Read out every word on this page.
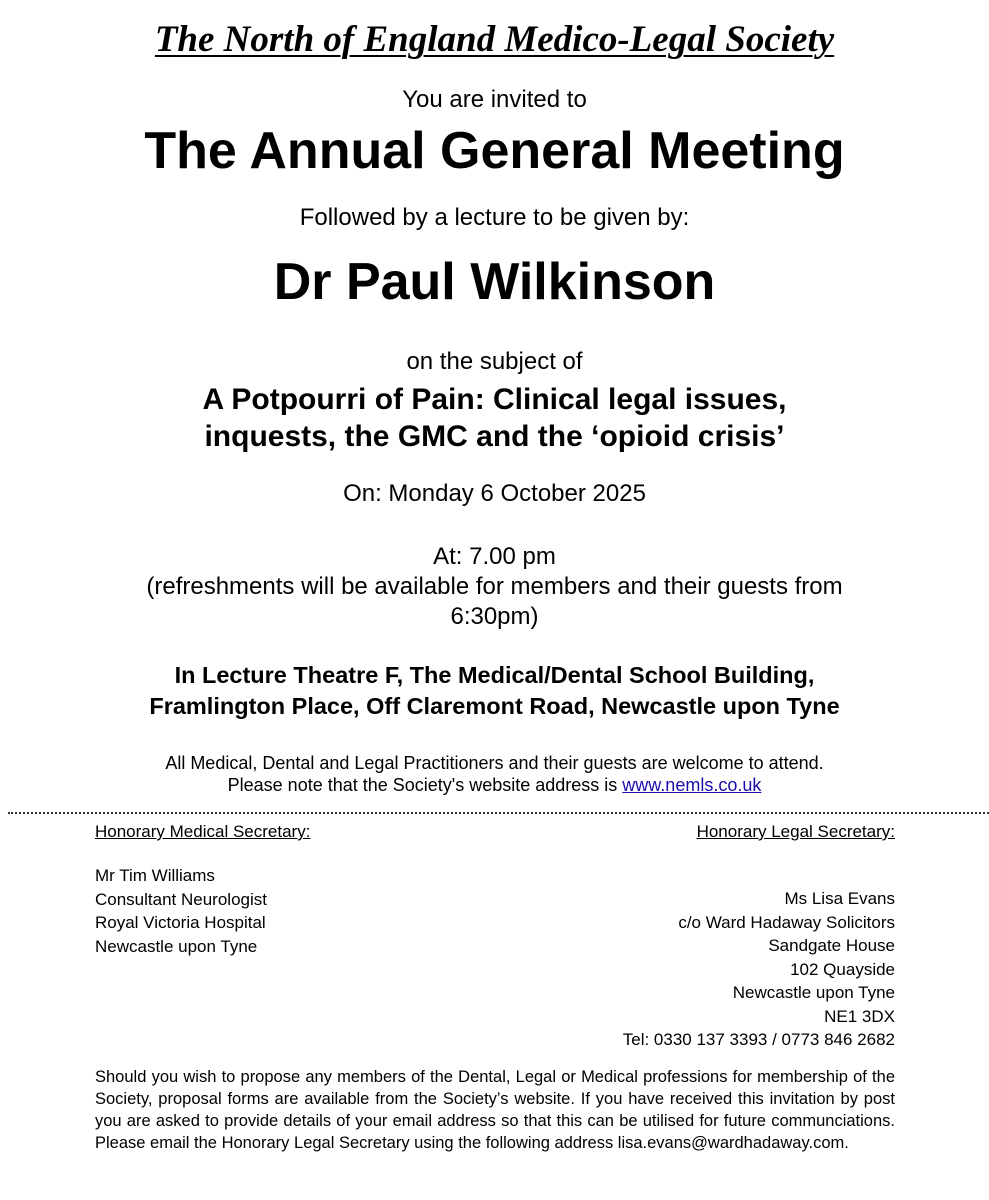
The North of England Medico-Legal Society
You are invited to
The Annual General Meeting
Followed by a lecture to be given by:
Dr Paul Wilkinson
on the subject of
A Potpourri of Pain: Clinical legal issues,
inquests, the GMC and the ‘opioid crisis’
On: Monday 6 October 2025
At: 7.00 pm
(refreshments will be available for members and their guests from
6:30pm)
In Lecture Theatre F, The Medical/Dental School Building,
Framlington Place, Off Claremont Road, Newcastle upon Tyne
All Medical, Dental and Legal Practitioners and their guests are welcome to attend.
Please note that the Society's website address is www.nemls.co.uk
Honorary Medical Secretary:	Honorary Legal Secretary:
Mr Tim Williams
Consultant Neurologist
Royal Victoria Hospital
Newcastle upon Tyne
Ms Lisa Evans
c/o Ward Hadaway Solicitors
Sandgate House
102 Quayside
Newcastle upon Tyne
NE1 3DX
Tel: 0330 137 3393 / 0773 846 2682
Should you wish to propose any members of the Dental, Legal or Medical professions for membership of the Society, proposal forms are available from the Society’s website. If you have received this invitation by post you are asked to provide details of your email address so that this can be utilised for future communciations. Please email the Honorary Legal Secretary using the following address lisa.evans@wardhadaway.com.
